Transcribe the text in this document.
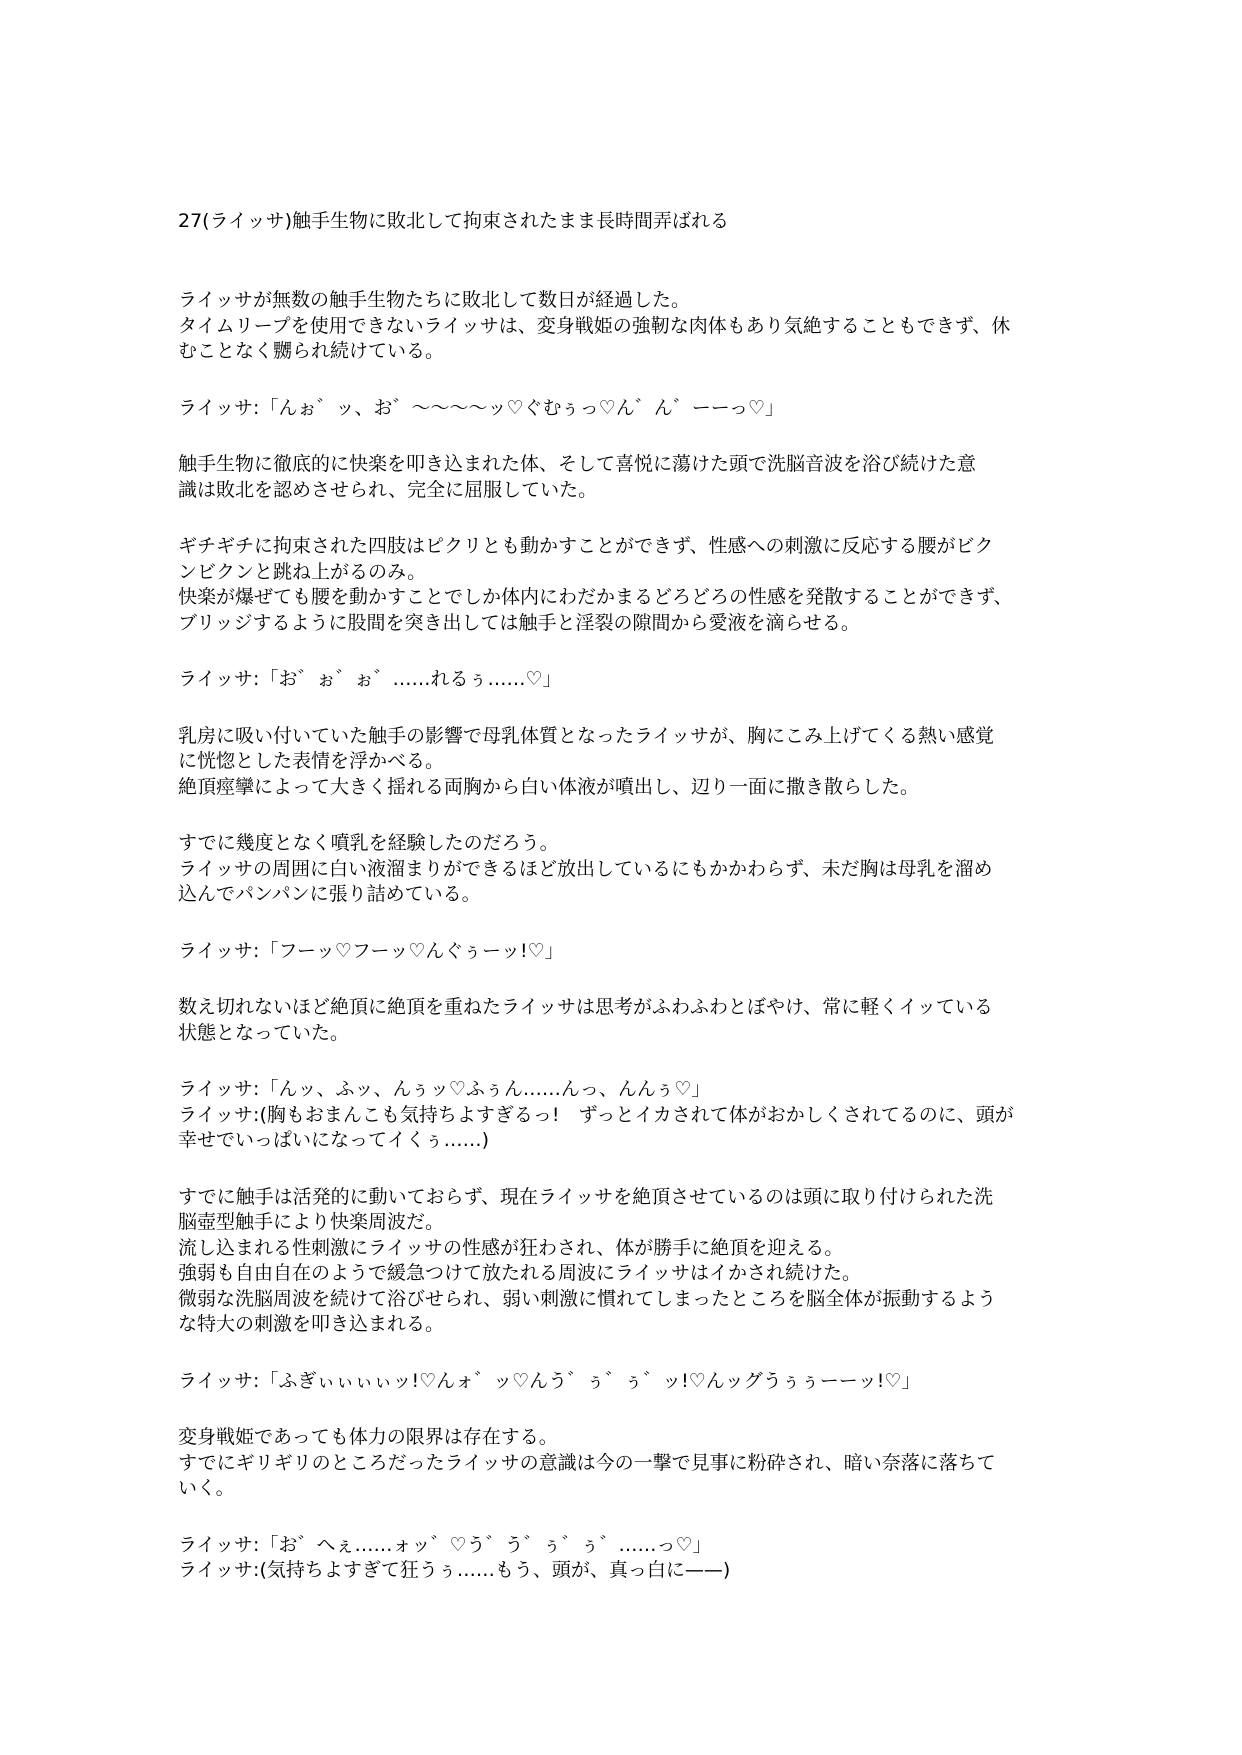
27(ライッサ)触手生物に敗北して拘束されたまま長時間弄ばれる
ライッサが無数の触手生物たちに敗北して数日が経過した。
タイムリープを使用できないライッサは、変身戦姫の強靭な肉体もあり気絶することもできず、休
むことなく嬲られ続けている。
ライッサ:「んぉ゛ッ、お゛～～～～ッ♡ぐむぅっ♡ん゛ん゛ーーっ♡」
触手生物に徹底的に快楽を叩き込まれた体、そして喜悦に蕩けた頭で洗脳音波を浴び続けた意
識は敗北を認めさせられ、完全に屈服していた。
ギチギチに拘束された四肢はピクリとも動かすことができず、性感への刺激に反応する腰がビク
ンビクンと跳ね上がるのみ。
快楽が爆ぜても腰を動かすことでしか体内にわだかまるどろどろの性感を発散することができず、
ブリッジするように股間を突き出しては触手と淫裂の隙間から愛液を滴らせる。
ライッサ:「お゛ぉ゛ぉ゛……れるぅ……♡」
乳房に吸い付いていた触手の影響で母乳体質となったライッサが、胸にこみ上げてくる熱い感覚
に恍惚とした表情を浮かべる。
絶頂痙攣によって大きく揺れる両胸から白い体液が噴出し、辺り一面に撒き散らした。
すでに幾度となく噴乳を経験したのだろう。
ライッサの周囲に白い液溜まりができるほど放出しているにもかかわらず、未だ胸は母乳を溜め
込んでパンパンに張り詰めている。
ライッサ:「フーッ♡フーッ♡んぐぅーッ!♡」
数え切れないほど絶頂に絶頂を重ねたライッサは思考がふわふわとぼやけ、常に軽くイッている
状態となっていた。
ライッサ:「んッ、ふッ、んぅッ♡ふぅん……んっ、んんぅ♡」
ライッサ:(胸もおまんこも気持ちよすぎるっ!　ずっとイカされて体がおかしくされてるのに、頭が
幸せでいっぱいになってイくぅ……)
すでに触手は活発的に動いておらず、現在ライッサを絶頂させているのは頭に取り付けられた洗
脳壺型触手により快楽周波だ。
流し込まれる性刺激にライッサの性感が狂わされ、体が勝手に絶頂を迎える。
強弱も自由自在のようで緩急つけて放たれる周波にライッサはイかされ続けた。
微弱な洗脳周波を続けて浴びせられ、弱い刺激に慣れてしまったところを脳全体が振動するよう
な特大の刺激を叩き込まれる。
ライッサ:「ふぎぃぃぃぃッ!♡んォ゛ッ♡んう゛ぅ゛ぅ゛ッ!♡んッグうぅぅーーッ!♡」
変身戦姫であっても体力の限界は存在する。
すでにギリギリのところだったライッサの意識は今の一撃で見事に粉砕され、暗い奈落に落ちて
いく。
ライッサ:「お゛へぇ……ォッ゛♡う゛う゛ぅ゛ぅ゛……っ♡」
ライッサ:(気持ちよすぎて狂うぅ……もう、頭が、真っ白に——)
